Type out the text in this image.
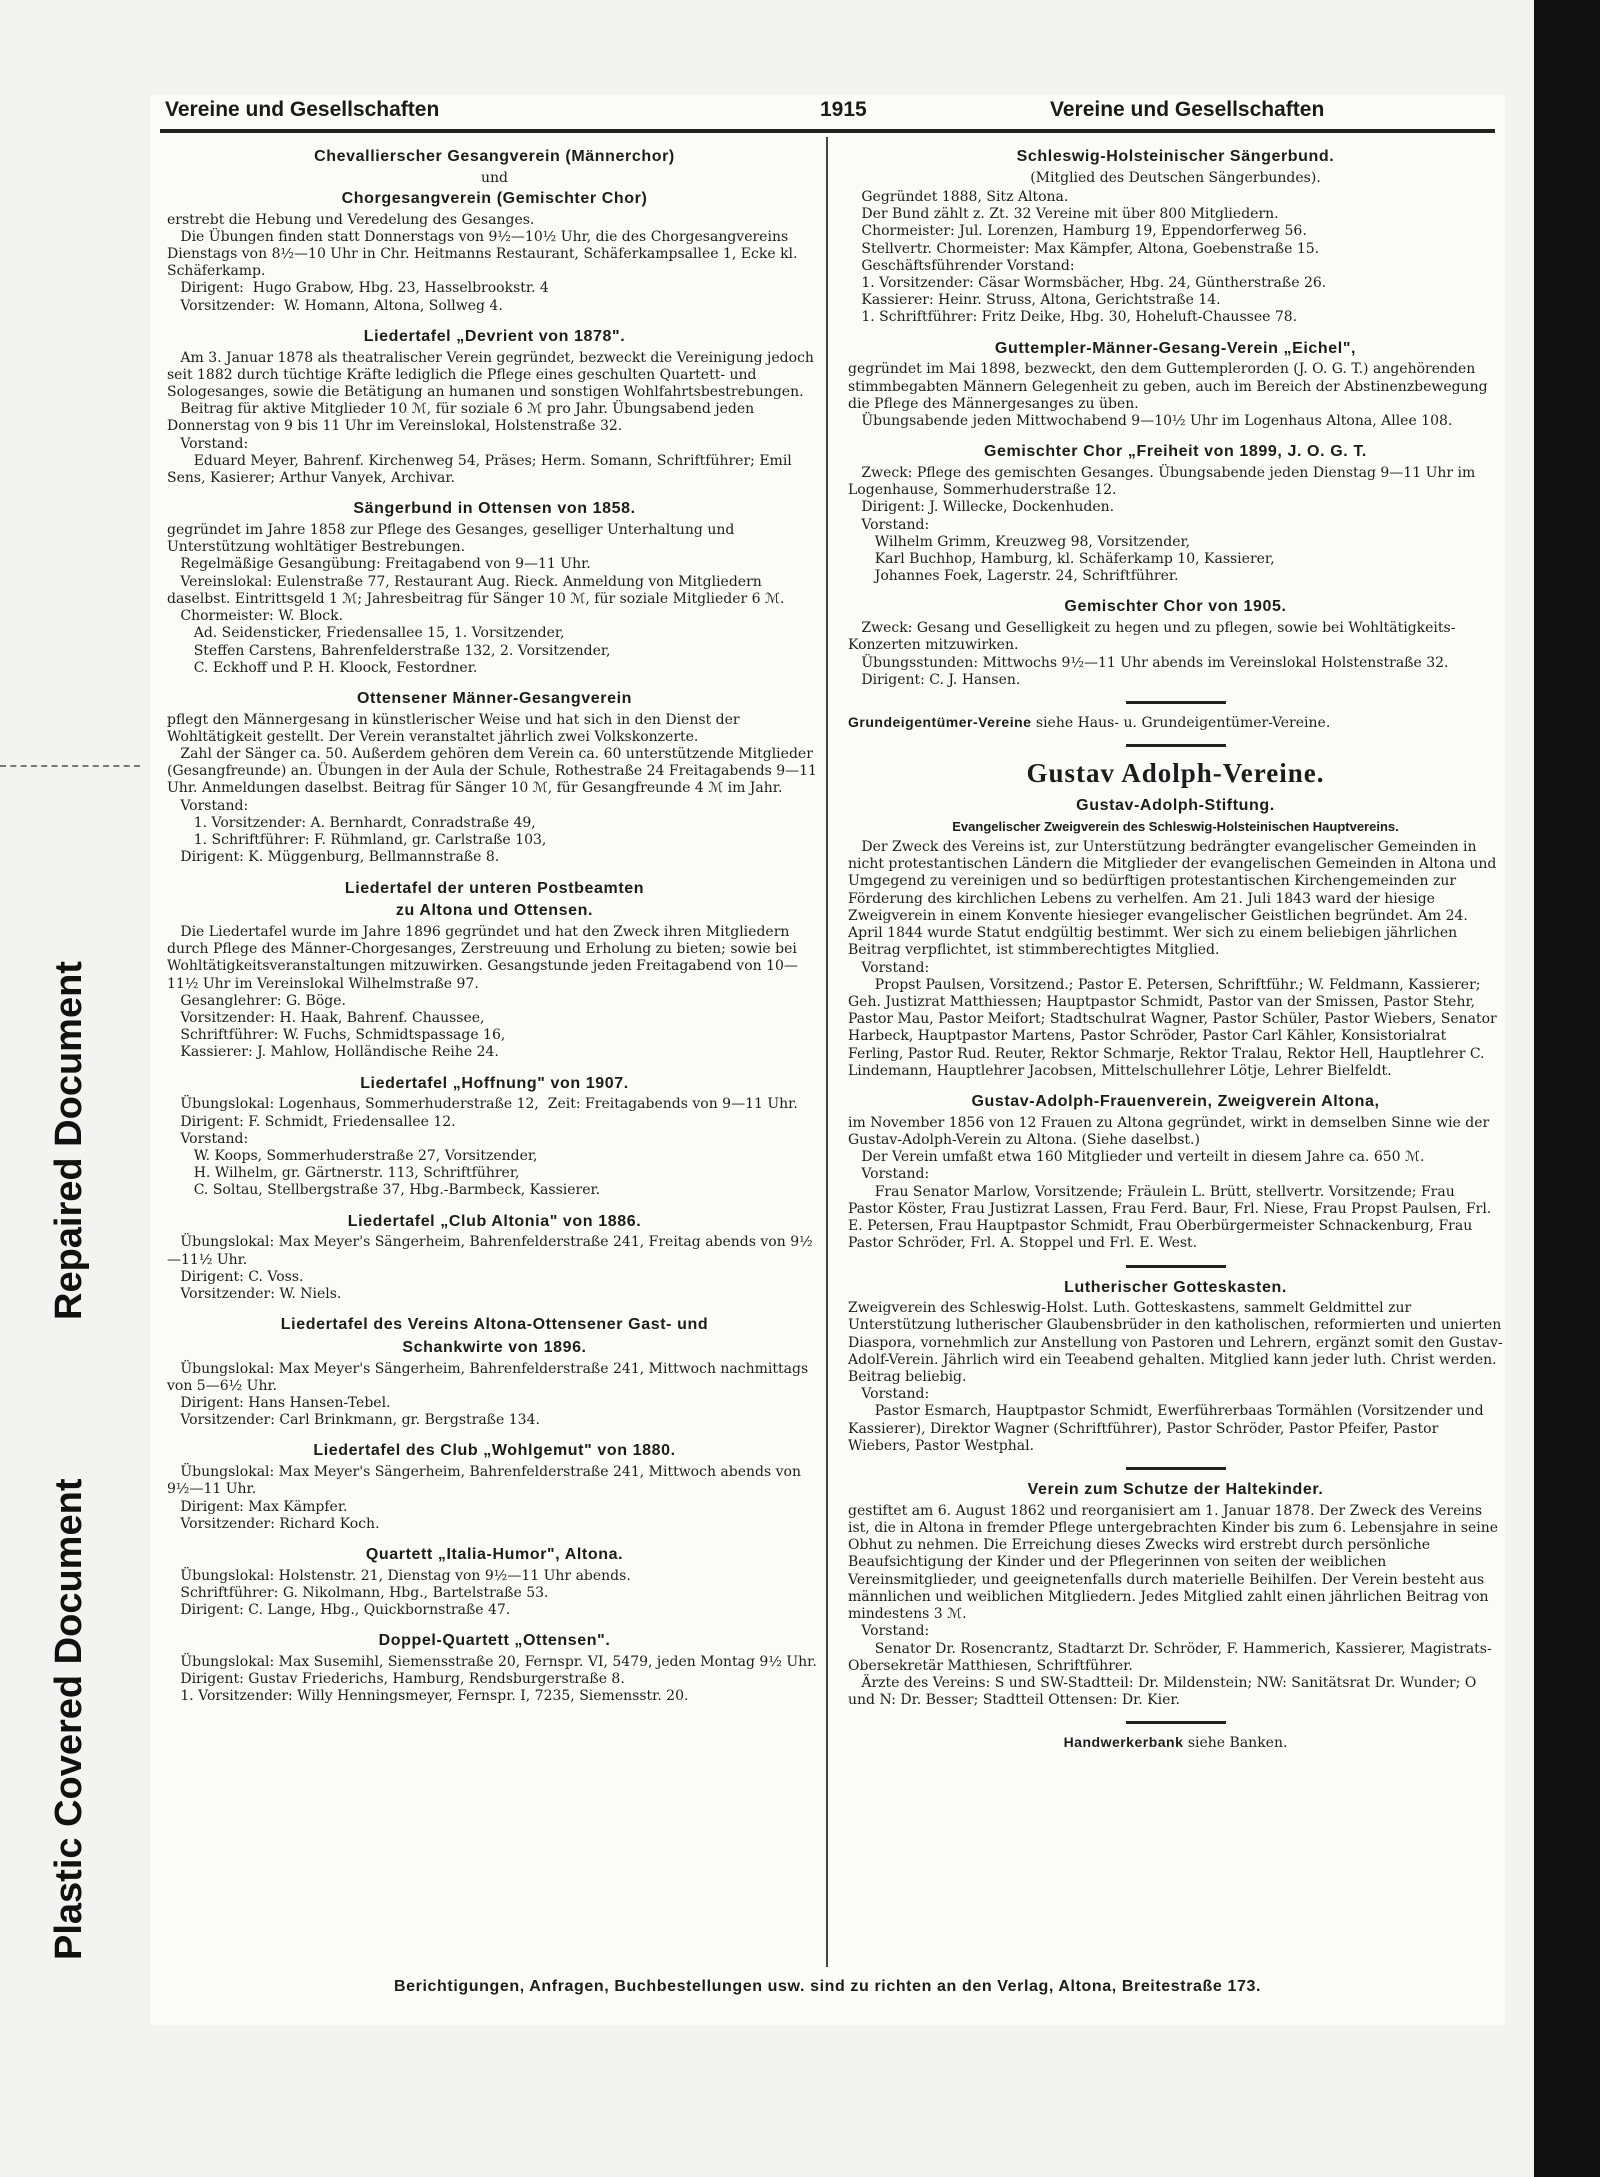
Repaired Document
Plastic Covered Document
Vereine und Gesellschaften	1915	Vereine und Gesellschaften
Chevallierscher Gesangverein (Männerchor)
und
Chorgesangverein (Gemischter Chor)

erstrebt die Hebung und Veredelung des Gesanges.

Die Übungen finden statt Donnerstags von 9½—10½ Uhr, die des Chorgesangvereins Dienstags von 8½—10 Uhr in Chr. Heitmanns Restaurant, Schäferkampsallee 1, Ecke kl. Schäferkamp.

Dirigent:  Hugo Grabow, Hbg. 23, Hasselbrookstr. 4

Vorsitzender:  W. Homann, Altona, Sollweg 4.

Liedertafel „Devrient von 1878".

Am 3. Januar 1878 als theatralischer Verein gegründet, bezweckt die Vereinigung jedoch seit 1882 durch tüchtige Kräfte lediglich die Pflege eines geschulten Quartett- und Sologesanges, sowie die Betätigung an humanen und sonstigen Wohlfahrtsbestrebungen.

Beitrag für aktive Mitglieder 10 ℳ, für soziale 6 ℳ pro Jahr. Übungsabend jeden Donnerstag von 9 bis 11 Uhr im Vereinslokal, Holstenstraße 32.

Vorstand:

Eduard Meyer, Bahrenf. Kirchenweg 54, Präses; Herm. Somann, Schriftführer; Emil Sens, Kasierer; Arthur Vanyek, Archivar.

Sängerbund in Ottensen von 1858.

gegründet im Jahre 1858 zur Pflege des Gesanges, geselliger Unterhaltung und Unterstützung wohltätiger Bestrebungen.

Regelmäßige Gesangübung: Freitagabend von 9—11 Uhr.

Vereinslokal: Eulenstraße 77, Restaurant Aug. Rieck. Anmeldung von Mitgliedern daselbst. Eintrittsgeld 1 ℳ; Jahresbeitrag für Sänger 10 ℳ, für soziale Mitglieder 6 ℳ.

Chormeister: W. Block.

Ad. Seidensticker, Friedensallee 15, 1. Vorsitzender,

Steffen Carstens, Bahrenfelderstraße 132, 2. Vorsitzender,

C. Eckhoff und P. H. Kloock, Festordner.

Ottensener Männer-Gesangverein

pflegt den Männergesang in künstlerischer Weise und hat sich in den Dienst der Wohltätigkeit gestellt. Der Verein veranstaltet jährlich zwei Volkskonzerte.

Zahl der Sänger ca. 50. Außerdem gehören dem Verein ca. 60 unterstützende Mitglieder (Gesangfreunde) an. Übungen in der Aula der Schule, Rothestraße 24 Freitagabends 9—11 Uhr. Anmeldungen daselbst. Beitrag für Sänger 10 ℳ, für Gesangfreunde 4 ℳ im Jahr.

Vorstand:

1. Vorsitzender: A. Bernhardt, Conradstraße 49,

1. Schriftführer: F. Rühmland, gr. Carlstraße 103,

Dirigent: K. Müggenburg, Bellmannstraße 8.

Liedertafel der unteren Postbeamten
zu Altona und Ottensen.

Die Liedertafel wurde im Jahre 1896 gegründet und hat den Zweck ihren Mitgliedern durch Pflege des Männer-Chorgesanges, Zerstreuung und Erholung zu bieten; sowie bei Wohltätigkeitsveranstaltungen mitzuwirken. Gesangstunde jeden Freitagabend von 10—11½ Uhr im Vereinslokal Wilhelmstraße 97.

Gesanglehrer: G. Böge.

Vorsitzender: H. Haak, Bahrenf. Chaussee,

Schriftführer: W. Fuchs, Schmidtspassage 16,

Kassierer: J. Mahlow, Holländische Reihe 24.

Liedertafel „Hoffnung" von 1907.

Übungslokal: Logenhaus, Sommerhuderstraße 12,  Zeit: Freitagabends von 9—11 Uhr.

Dirigent: F. Schmidt, Friedensallee 12.

Vorstand:

W. Koops, Sommerhuderstraße 27, Vorsitzender,

H. Wilhelm, gr. Gärtnerstr. 113, Schriftführer,

C. Soltau, Stellbergstraße 37, Hbg.-Barmbeck, Kassierer.

Liedertafel „Club Altonia" von 1886.

Übungslokal: Max Meyer's Sängerheim, Bahrenfelderstraße 241, Freitag abends von 9½—11½ Uhr.

Dirigent: C. Voss.

Vorsitzender: W. Niels.

Liedertafel des Vereins Altona-Ottensener Gast- und
Schankwirte von 1896.

Übungslokal: Max Meyer's Sängerheim, Bahrenfelderstraße 241, Mittwoch nachmittags von 5—6½ Uhr.

Dirigent: Hans Hansen-Tebel.

Vorsitzender: Carl Brinkmann, gr. Bergstraße 134.

Liedertafel des Club „Wohlgemut" von 1880.

Übungslokal: Max Meyer's Sängerheim, Bahrenfelderstraße 241, Mittwoch abends von 9½—11 Uhr.

Dirigent: Max Kämpfer.

Vorsitzender: Richard Koch.

Quartett „Italia-Humor", Altona.

Übungslokal: Holstenstr. 21, Dienstag von 9½—11 Uhr abends.

Schriftführer: G. Nikolmann, Hbg., Bartelstraße 53.

Dirigent: C. Lange, Hbg., Quickbornstraße 47.

Doppel-Quartett „Ottensen".

Übungslokal: Max Susemihl, Siemensstraße 20, Fernspr. VI, 5479, jeden Montag 9½ Uhr.

Dirigent: Gustav Friederichs, Hamburg, Rendsburgerstraße 8.

1. Vorsitzender: Willy Henningsmeyer, Fernspr. I, 7235, Siemensstr. 20.

Schleswig-Holsteinischer Sängerbund.
(Mitglied des Deutschen Sängerbundes).

Gegründet 1888, Sitz Altona.

Der Bund zählt z. Zt. 32 Vereine mit über 800 Mitgliedern.

Chormeister: Jul. Lorenzen, Hamburg 19, Eppendorferweg 56.

Stellvertr. Chormeister: Max Kämpfer, Altona, Goebenstraße 15.

Geschäftsführender Vorstand:

1. Vorsitzender: Cäsar Wormsbächer, Hbg. 24, Güntherstraße 26.

Kassierer: Heinr. Struss, Altona, Gerichtstraße 14.

1. Schriftführer: Fritz Deike, Hbg. 30, Hoheluft-Chaussee 78.

Guttempler-Männer-Gesang-Verein „Eichel",

gegründet im Mai 1898, bezweckt, den dem Guttemplerorden (J. O. G. T.) angehörenden stimmbegabten Männern Gelegenheit zu geben, auch im Bereich der Abstinenzbewegung die Pflege des Männergesanges zu üben.

Übungsabende jeden Mittwochabend 9—10½ Uhr im Logenhaus Altona, Allee 108.

Gemischter Chor „Freiheit von 1899, J. O. G. T.

Zweck: Pflege des gemischten Gesanges. Übungsabende jeden Dienstag 9—11 Uhr im Logenhause, Sommerhuderstraße 12.

Dirigent: J. Willecke, Dockenhuden.

Vorstand:

Wilhelm Grimm, Kreuzweg 98, Vorsitzender,

Karl Buchhop, Hamburg, kl. Schäferkamp 10, Kassierer,

Johannes Foek, Lagerstr. 24, Schriftführer.

Gemischter Chor von 1905.

Zweck: Gesang und Geselligkeit zu hegen und zu pflegen, sowie bei Wohltätigkeits-Konzerten mitzuwirken.

Übungsstunden: Mittwochs 9½—11 Uhr abends im Vereinslokal Holstenstraße 32.

Dirigent: C. J. Hansen.

Grundeigentümer-Vereine siehe Haus- u. Grundeigentümer-Vereine.
Gustav Adolph-Vereine.
Gustav-Adolph-Stiftung.
Evangelischer Zweigverein des Schleswig-Holsteinischen Hauptvereins.

Der Zweck des Vereins ist, zur Unterstützung bedrängter evangelischer Gemeinden in nicht protestantischen Ländern die Mitglieder der evangelischen Gemeinden in Altona und Umgegend zu vereinigen und so bedürftigen protestantischen Kirchengemeinden zur Förderung des kirchlichen Lebens zu verhelfen. Am 21. Juli 1843 ward der hiesige Zweigverein in einem Konvente hiesieger evangelischer Geistlichen begründet. Am 24. April 1844 wurde Statut endgültig bestimmt. Wer sich zu einem beliebigen jährlichen Beitrag verpflichtet, ist stimmberechtigtes Mitglied.

Vorstand:

Propst Paulsen, Vorsitzend.; Pastor E. Petersen, Schriftführ.; W. Feldmann, Kassierer; Geh. Justizrat Matthiessen; Hauptpastor Schmidt, Pastor van der Smissen, Pastor Stehr, Pastor Mau, Pastor Meifort; Stadtschulrat Wagner, Pastor Schüler, Pastor Wiebers, Senator Harbeck, Hauptpastor Martens, Pastor Schröder, Pastor Carl Kähler, Konsistorialrat Ferling, Pastor Rud. Reuter, Rektor Schmarje, Rektor Tralau, Rektor Hell, Hauptlehrer C. Lindemann, Hauptlehrer Jacobsen, Mittelschullehrer Lötje, Lehrer Bielfeldt.

Gustav-Adolph-Frauenverein, Zweigverein Altona,

im November 1856 von 12 Frauen zu Altona gegründet, wirkt in demselben Sinne wie der Gustav-Adolph-Verein zu Altona. (Siehe daselbst.)

Der Verein umfaßt etwa 160 Mitglieder und verteilt in diesem Jahre ca. 650 ℳ.

Vorstand:

Frau Senator Marlow, Vorsitzende; Fräulein L. Brütt, stellvertr. Vorsitzende; Frau Pastor Köster, Frau Justizrat Lassen, Frau Ferd. Baur, Frl. Niese, Frau Propst Paulsen, Frl. E. Petersen, Frau Hauptpastor Schmidt, Frau Oberbürgermeister Schnackenburg, Frau Pastor Schröder, Frl. A. Stoppel und Frl. E. West.

Lutherischer Gotteskasten.

Zweigverein des Schleswig-Holst. Luth. Gotteskastens, sammelt Geldmittel zur Unterstützung lutherischer Glaubensbrüder in den katholischen, reformierten und unierten Diaspora, vornehmlich zur Anstellung von Pastoren und Lehrern, ergänzt somit den Gustav-Adolf-Verein. Jährlich wird ein Teeabend gehalten. Mitglied kann jeder luth. Christ werden. Beitrag beliebig.

Vorstand:

Pastor Esmarch, Hauptpastor Schmidt, Ewerführerbaas Tormählen (Vorsitzender und Kassierer), Direktor Wagner (Schriftführer), Pastor Schröder, Pastor Pfeifer, Pastor Wiebers, Pastor Westphal.

Verein zum Schutze der Haltekinder.

gestiftet am 6. August 1862 und reorganisiert am 1. Januar 1878. Der Zweck des Vereins ist, die in Altona in fremder Pflege untergebrachten Kinder bis zum 6. Lebensjahre in seine Obhut zu nehmen. Die Erreichung dieses Zwecks wird erstrebt durch persönliche Beaufsichtigung der Kinder und der Pflegerinnen von seiten der weiblichen Vereinsmitglieder, und geeignetenfalls durch materielle Beihilfen. Der Verein besteht aus männlichen und weiblichen Mitgliedern. Jedes Mitglied zahlt einen jährlichen Beitrag von mindestens 3 ℳ.

Vorstand:

Senator Dr. Rosencrantz, Stadtarzt Dr. Schröder, F. Hammerich, Kassierer, Magistrats-Obersekretär Matthiesen, Schriftführer.

Ärzte des Vereins: S und SW-Stadtteil: Dr. Mildenstein; NW: Sanitätsrat Dr. Wunder; O und N: Dr. Besser; Stadtteil Ottensen: Dr. Kier.

Handwerkerbank siehe Banken.
Berichtigungen, Anfragen, Buchbestellungen usw. sind zu richten an den Verlag, Altona, Breitestraße 173.
